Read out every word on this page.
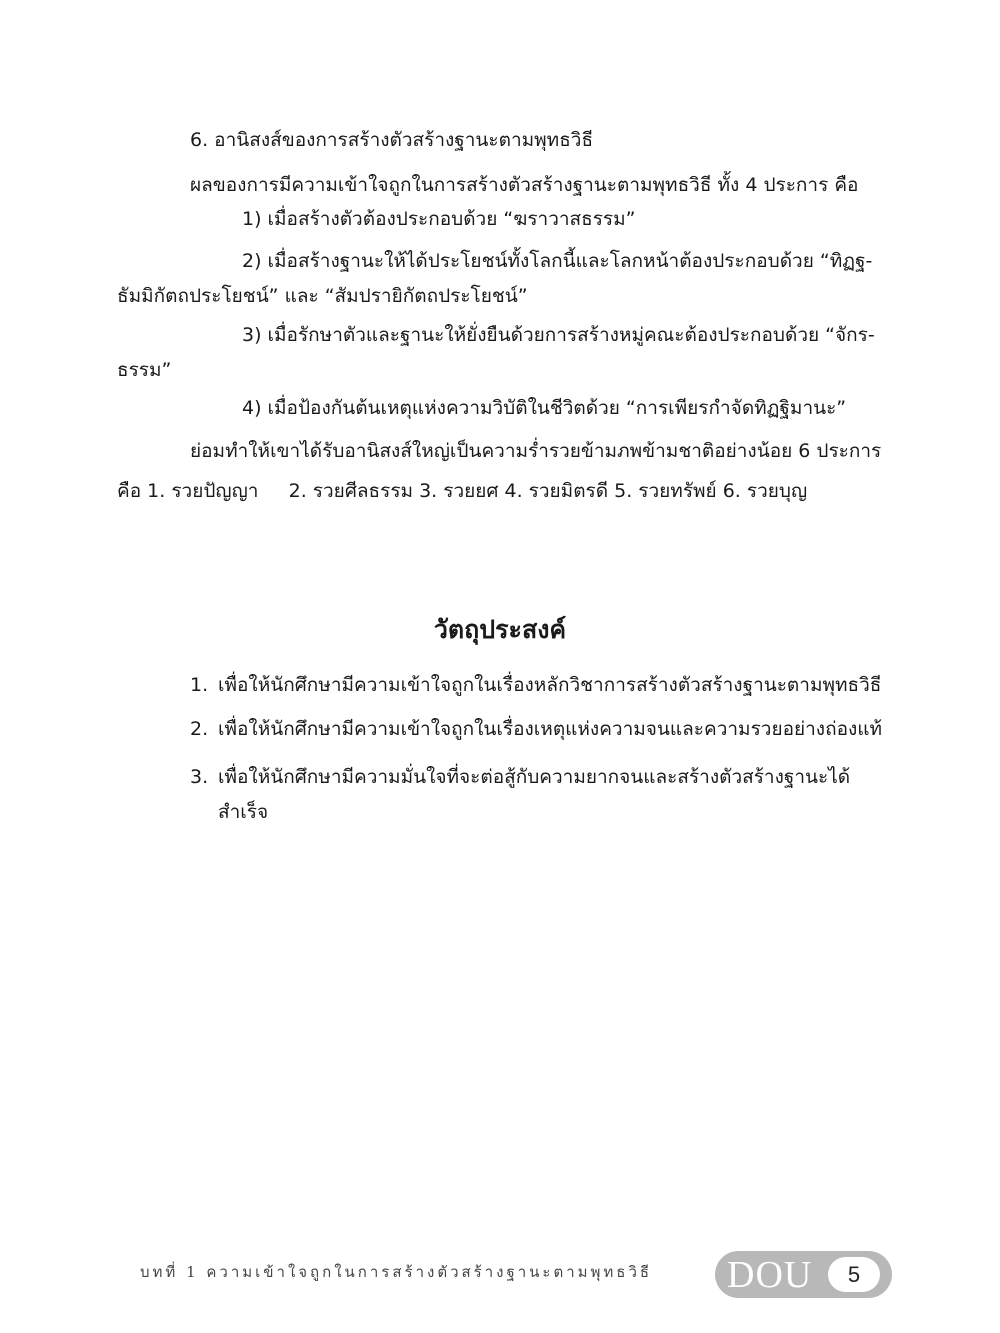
6. อานิสงส์ของการสร้างตัวสร้างฐานะตามพุทธวิธี
ผลของการมีความเข้าใจถูกในการสร้างตัวสร้างฐานะตามพุทธวิธี ทั้ง 4 ประการ คือ
1) เมื่อสร้างตัวต้องประกอบด้วย “ฆราวาสธรรม”
2) เมื่อสร้างฐานะให้ได้ประโยชน์ทั้งโลกนี้และโลกหน้าต้องประกอบด้วย “ทิฏฐ-
ธัมมิกัตถประโยชน์” และ “สัมปรายิกัตถประโยชน์”
3) เมื่อรักษาตัวและฐานะให้ยั่งยืนด้วยการสร้างหมู่คณะต้องประกอบด้วย “จักร-
ธรรม”
4) เมื่อป้องกันต้นเหตุแห่งความวิบัติในชีวิตด้วย “การเพียรกำจัดทิฏฐิมานะ”
ย่อมทำให้เขาได้รับอานิสงส์ใหญ่เป็นความร่ำรวยข้ามภพข้ามชาติอย่างน้อย 6 ประการ
คือ 1. รวยปัญญา     2. รวยศีลธรรม 3. รวยยศ 4. รวยมิตรดี 5. รวยทรัพย์ 6. รวยบุญ
วัตถุประสงค์
1. เพื่อให้นักศึกษามีความเข้าใจถูกในเรื่องหลักวิชาการสร้างตัวสร้างฐานะตามพุทธวิธี
2. เพื่อให้นักศึกษามีความเข้าใจถูกในเรื่องเหตุแห่งความจนและความรวยอย่างถ่องแท้
3. เพื่อให้นักศึกษามีความมั่นใจที่จะต่อสู้กับความยากจนและสร้างตัวสร้างฐานะได้
สำเร็จ
บทที่ 1 ความเข้าใจถูกในการสร้างตัวสร้างฐานะตามพุทธวิธี DOU	5
